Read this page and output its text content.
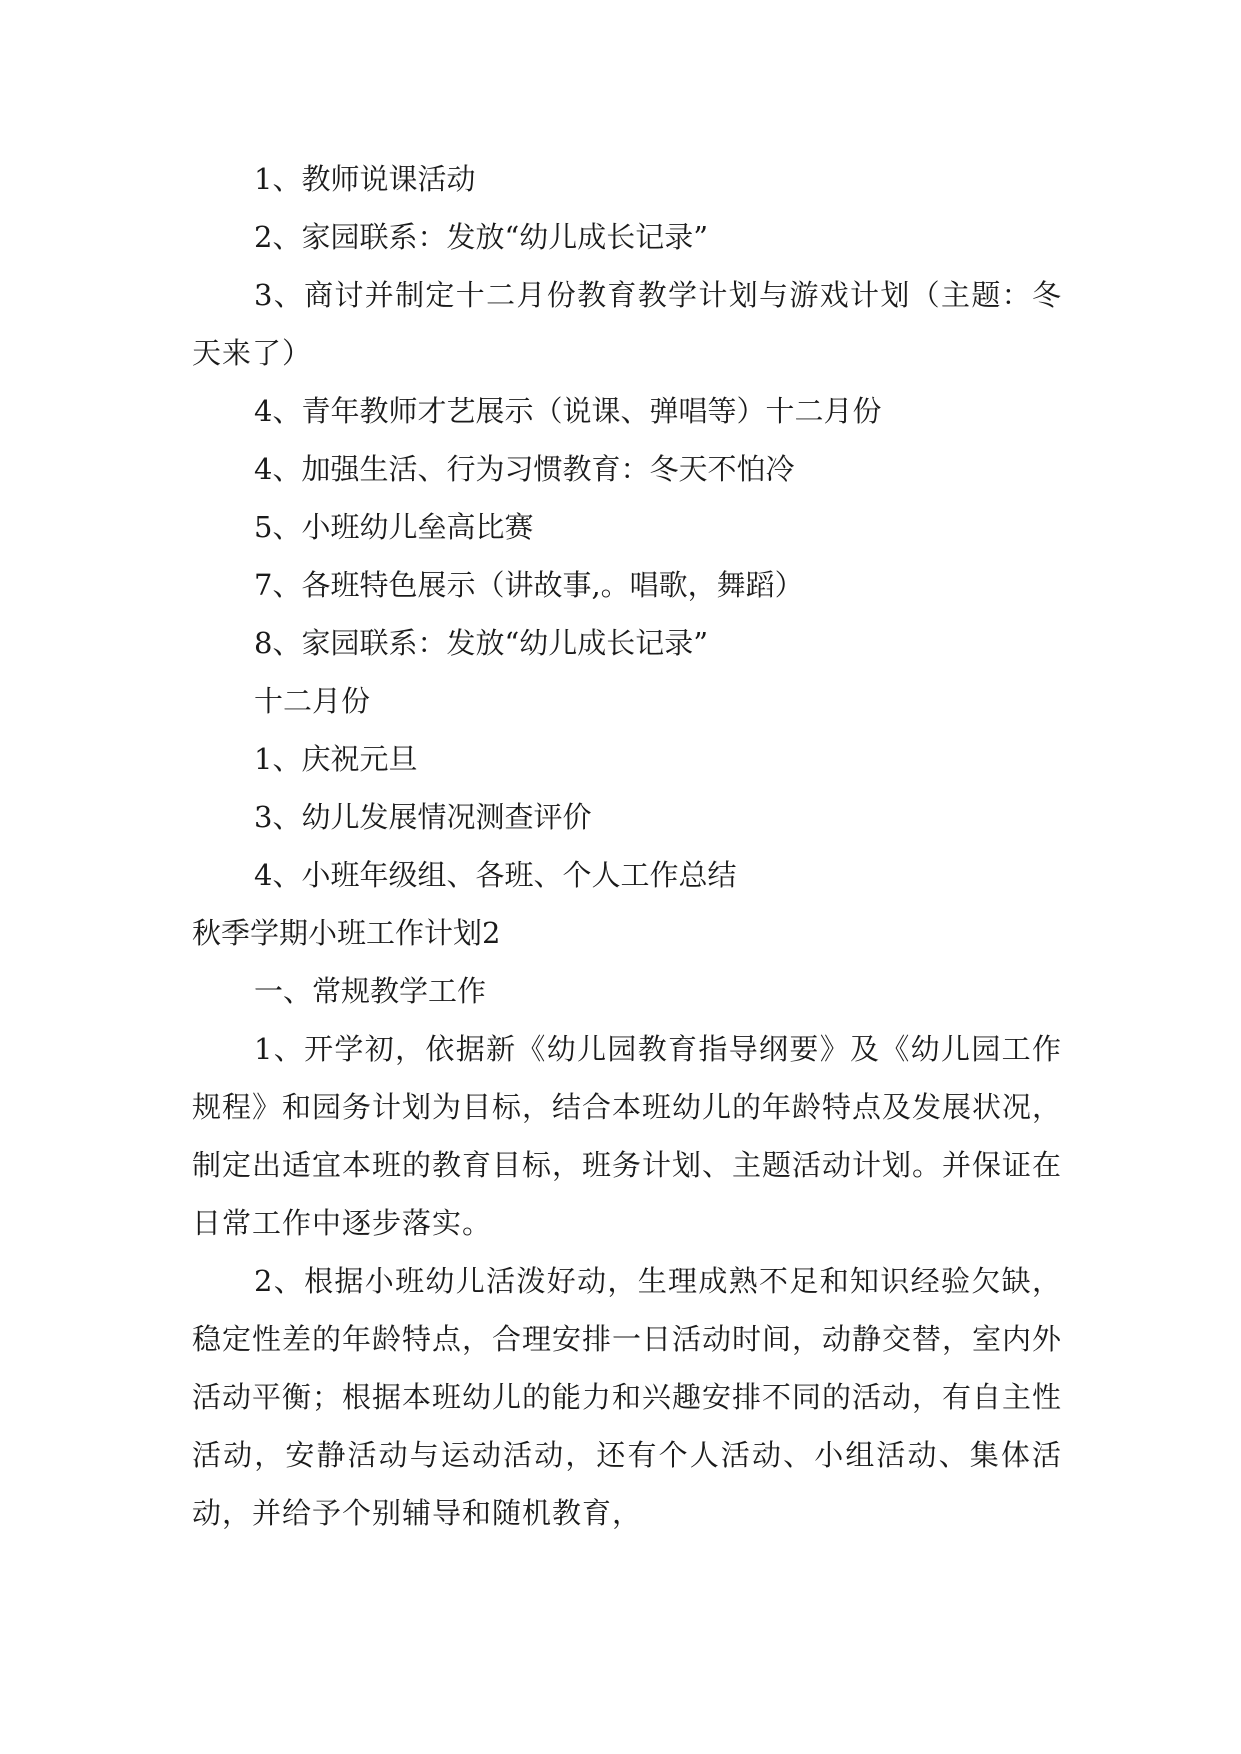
1、教师说课活动

2、家园联系：发放“幼儿成长记录”

3、商讨并制定十二月份教育教学计划与游戏计划（主题：冬天来了）

4、青年教师才艺展示（说课、弹唱等）十二月份

4、加强生活、行为习惯教育：冬天不怕冷

5、小班幼儿垒高比赛

7、各班特色展示（讲故事,。唱歌，舞蹈）

8、家园联系：发放“幼儿成长记录”

十二月份

1、庆祝元旦

3、幼儿发展情况测查评价

4、小班年级组、各班、个人工作总结

秋季学期小班工作计划2

一、常规教学工作

1、开学初，依据新《幼儿园教育指导纲要》及《幼儿园工作规程》和园务计划为目标，结合本班幼儿的年龄特点及发展状况，制定出适宜本班的教育目标，班务计划、主题活动计划。并保证在日常工作中逐步落实。

2、根据小班幼儿活泼好动，生理成熟不足和知识经验欠缺，稳定性差的年龄特点，合理安排一日活动时间，动静交替，室内外活动平衡；根据本班幼儿的能力和兴趣安排不同的活动，有自主性活动，安静活动与运动活动，还有个人活动、小组活动、集体活动，并给予个别辅导和随机教育，
